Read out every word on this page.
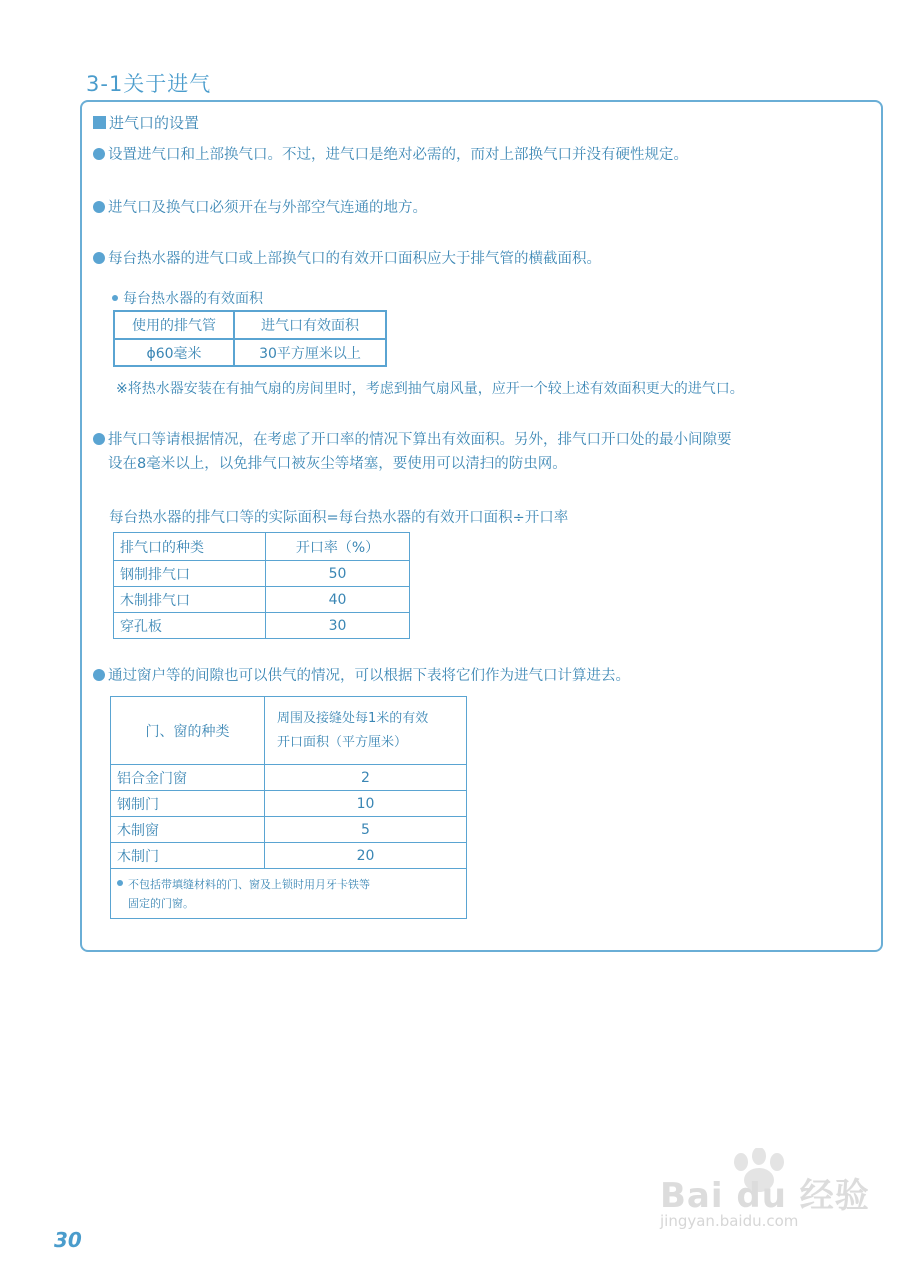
3-1关于进气
进气口的设置
设置进气口和上部换气口。不过，进气口是绝对必需的，而对上部换气口并没有硬性规定。
进气口及换气口必须开在与外部空气连通的地方。
每台热水器的进气口或上部换气口的有效开口面积应大于排气管的横截面积。
每台热水器的有效面积
使用的排气管	进气口有效面积
ϕ60毫米	30平方厘米以上
※将热水器安装在有抽气扇的房间里时，考虑到抽气扇风量，应开一个较上述有效面积更大的进气口。
排气口等请根据情况，在考虑了开口率的情况下算出有效面积。另外，排气口开口处的最小间隙要
设在8毫米以上，以免排气口被灰尘等堵塞，要使用可以清扫的防虫网。
每台热水器的排气口等的实际面积=每台热水器的有效开口面积÷开口率
排气口的种类	开口率（%）
钢制排气口	50
木制排气口	40
穿孔板	30
通过窗户等的间隙也可以供气的情况，可以根据下表将它们作为进气口计算进去。
门、窗的种类	周围及接缝处每1米的有效
开口面积（平方厘米）

铝合金门窗	2
钢制门	10
木制窗	5
木制门	20

不包括带填缝材料的门、窗及上锁时用月牙卡铁等
固定的门窗。	
30
Bai du 经验
jingyan.baidu.com
